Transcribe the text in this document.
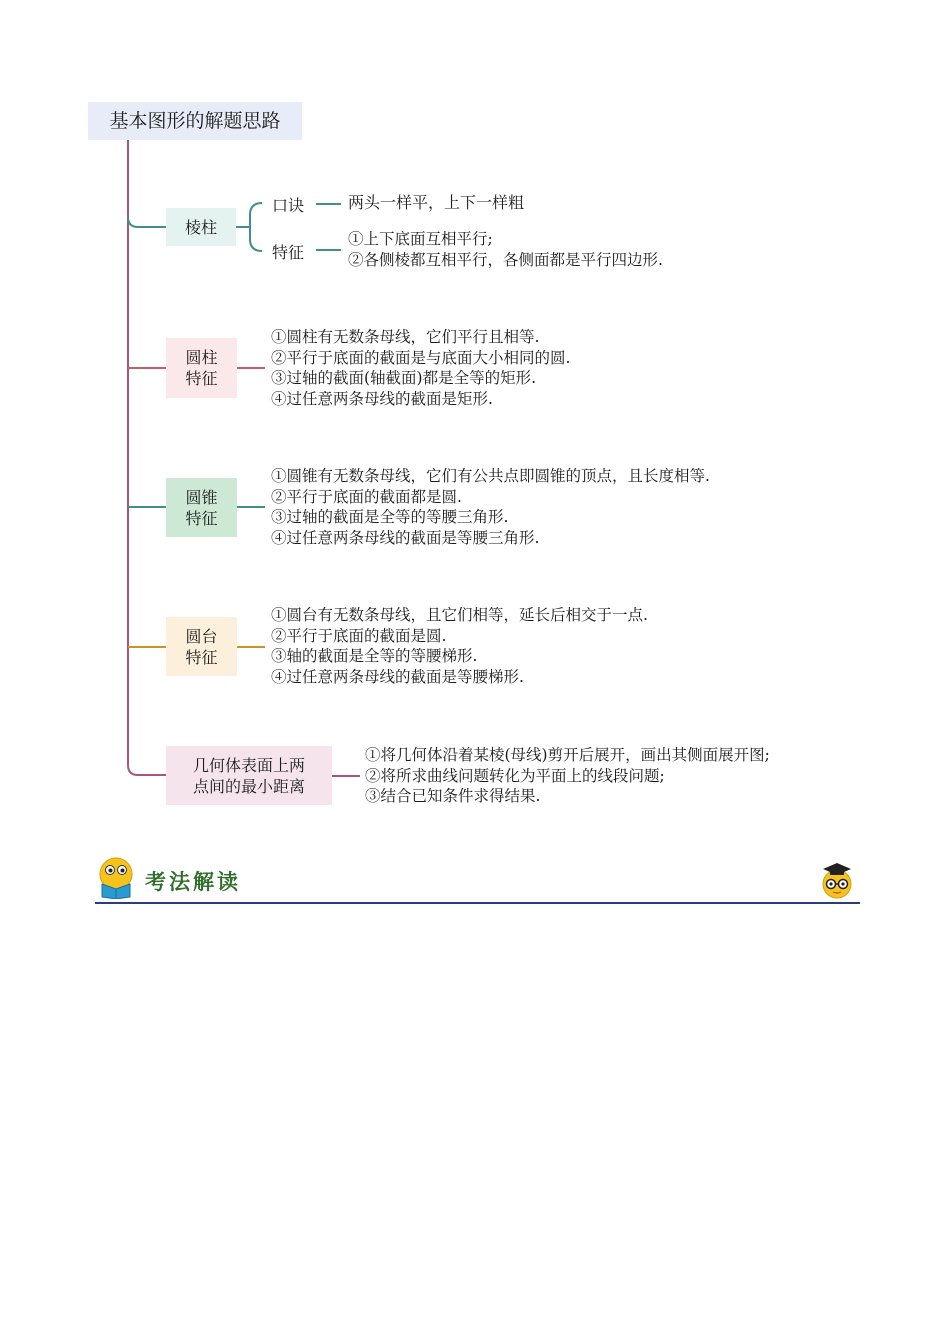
基本图形的解题思路
棱柱
口诀	两头一样平，上下一样粗
特征
①上下底面互相平行;
②各侧棱都互相平行，各侧面都是平行四边形.
圆柱
特征
①圆柱有无数条母线，它们平行且相等.
②平行于底面的截面是与底面大小相同的圆.
③过轴的截面(轴截面)都是全等的矩形.
④过任意两条母线的截面是矩形.
圆锥
特征
①圆锥有无数条母线，它们有公共点即圆锥的顶点，且长度相等.
②平行于底面的截面都是圆.
③过轴的截面是全等的等腰三角形.
④过任意两条母线的截面是等腰三角形.
圆台
特征
①圆台有无数条母线，且它们相等，延长后相交于一点.
②平行于底面的截面是圆.
③轴的截面是全等的等腰梯形.
④过任意两条母线的截面是等腰梯形.
几何体表面上两
点间的最小距离
①将几何体沿着某棱(母线)剪开后展开，画出其侧面展开图;
②将所求曲线问题转化为平面上的线段问题;
③结合已知条件求得结果.
考法解读
